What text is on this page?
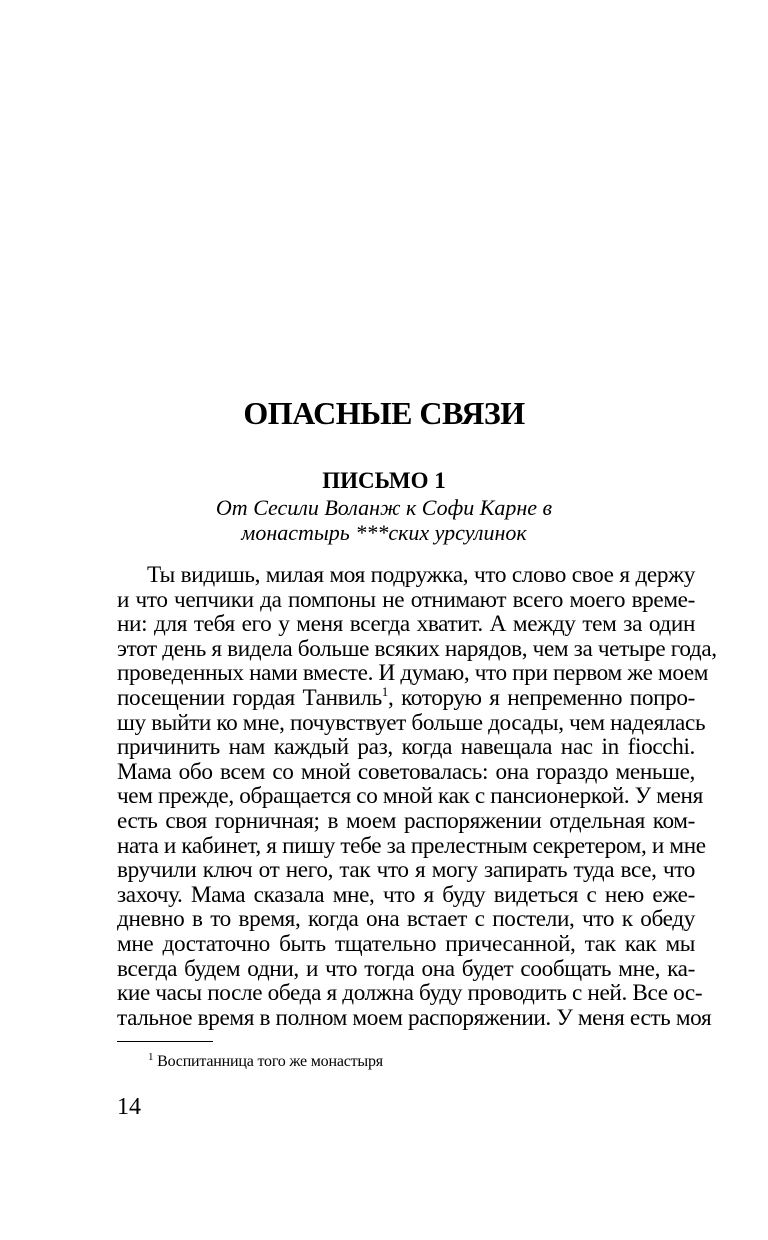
ОПАСНЫЕ СВЯЗИ
ПИСЬМО 1
От Сесили Воланж к Софи Карне в
монастырь ***ских урсулинок
Ты видишь, милая моя подружка, что слово свое я держу
и что чепчики да помпоны не отнимают всего моего време-
ни: для тебя его у меня всегда хватит. А между тем за один
этот день я видела больше всяких нарядов, чем за четыре года,
проведенных нами вместе. И думаю, что при первом же моем
посещении гордая Танвиль$^1$, которую я непременно попро-
шу выйти ко мне, почувствует больше досады, чем надеялась
причинить нам каждый раз, когда навещала нас in fiocchi.
Мама обо всем со мной советовалась: она гораздо меньше,
чем прежде, обращается со мной как с пансионеркой. У меня
есть своя горничная; в моем распоряжении отдельная ком-
ната и кабинет, я пишу тебе за прелестным секретером, и мне
вручили ключ от него, так что я могу запирать туда все, что
захочу. Мама сказала мне, что я буду видеться с нею еже-
дневно в то время, когда она встает с постели, что к обеду
мне достаточно быть тщательно причесанной, так как мы
всегда будем одни, и что тогда она будет сообщать мне, ка-
кие часы после обеда я должна буду проводить с ней. Все ос-
тальное время в полном моем распоряжении. У меня есть моя

$^1$ Воспитанница того же монастыря

14
